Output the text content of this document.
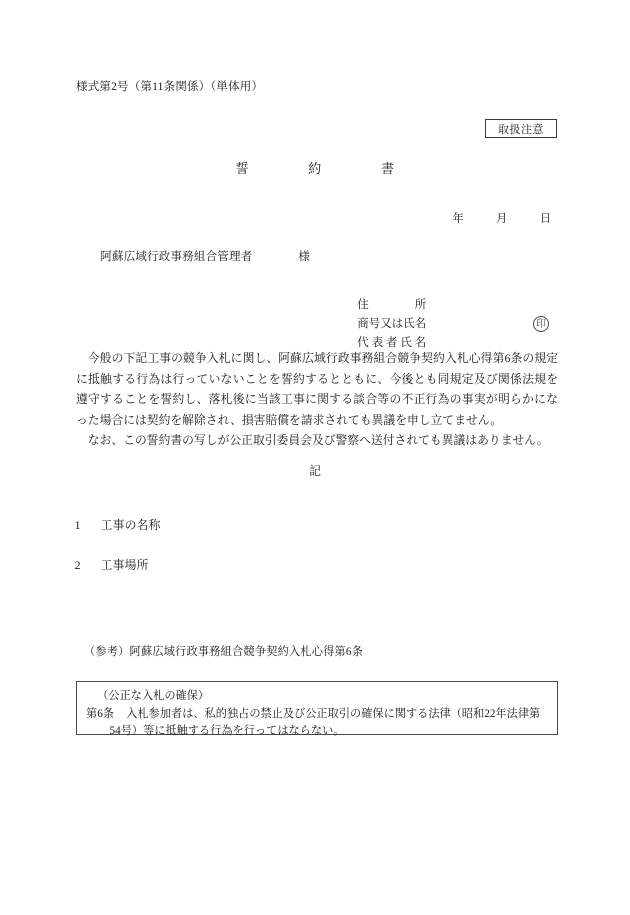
様式第2号（第11条関係）（単体用）
取扱注意
誓	約	書

年	月	日

阿蘇広域行政事務組合管理者	様

住　　　　所

商号又は氏名

代 表 者 氏 名

印

今般の下記工事の競争入札に関し、阿蘇広域行政事務組合競争契約入札心得第6条の規定に抵触する行為は行っていないことを誓約するとともに、今後とも同規定及び関係法規を遵守することを誓約し、落札後に当該工事に関する談合等の不正行為の事実が明らかになった場合には契約を解除され、損害賠償を請求されても異議を申し立てません。

なお、この誓約書の写しが公正取引委員会及び警察へ送付されても異議はありません。

記

1 工事の名称

2 工事場所

（参考）阿蘇広域行政事務組合競争契約入札心得第6条

（公正な入札の確保）

第6条 入札参加者は、私的独占の禁止及び公正取引の確保に関する法律（昭和22年法律第54号）等に抵触する行為を行ってはならない。
